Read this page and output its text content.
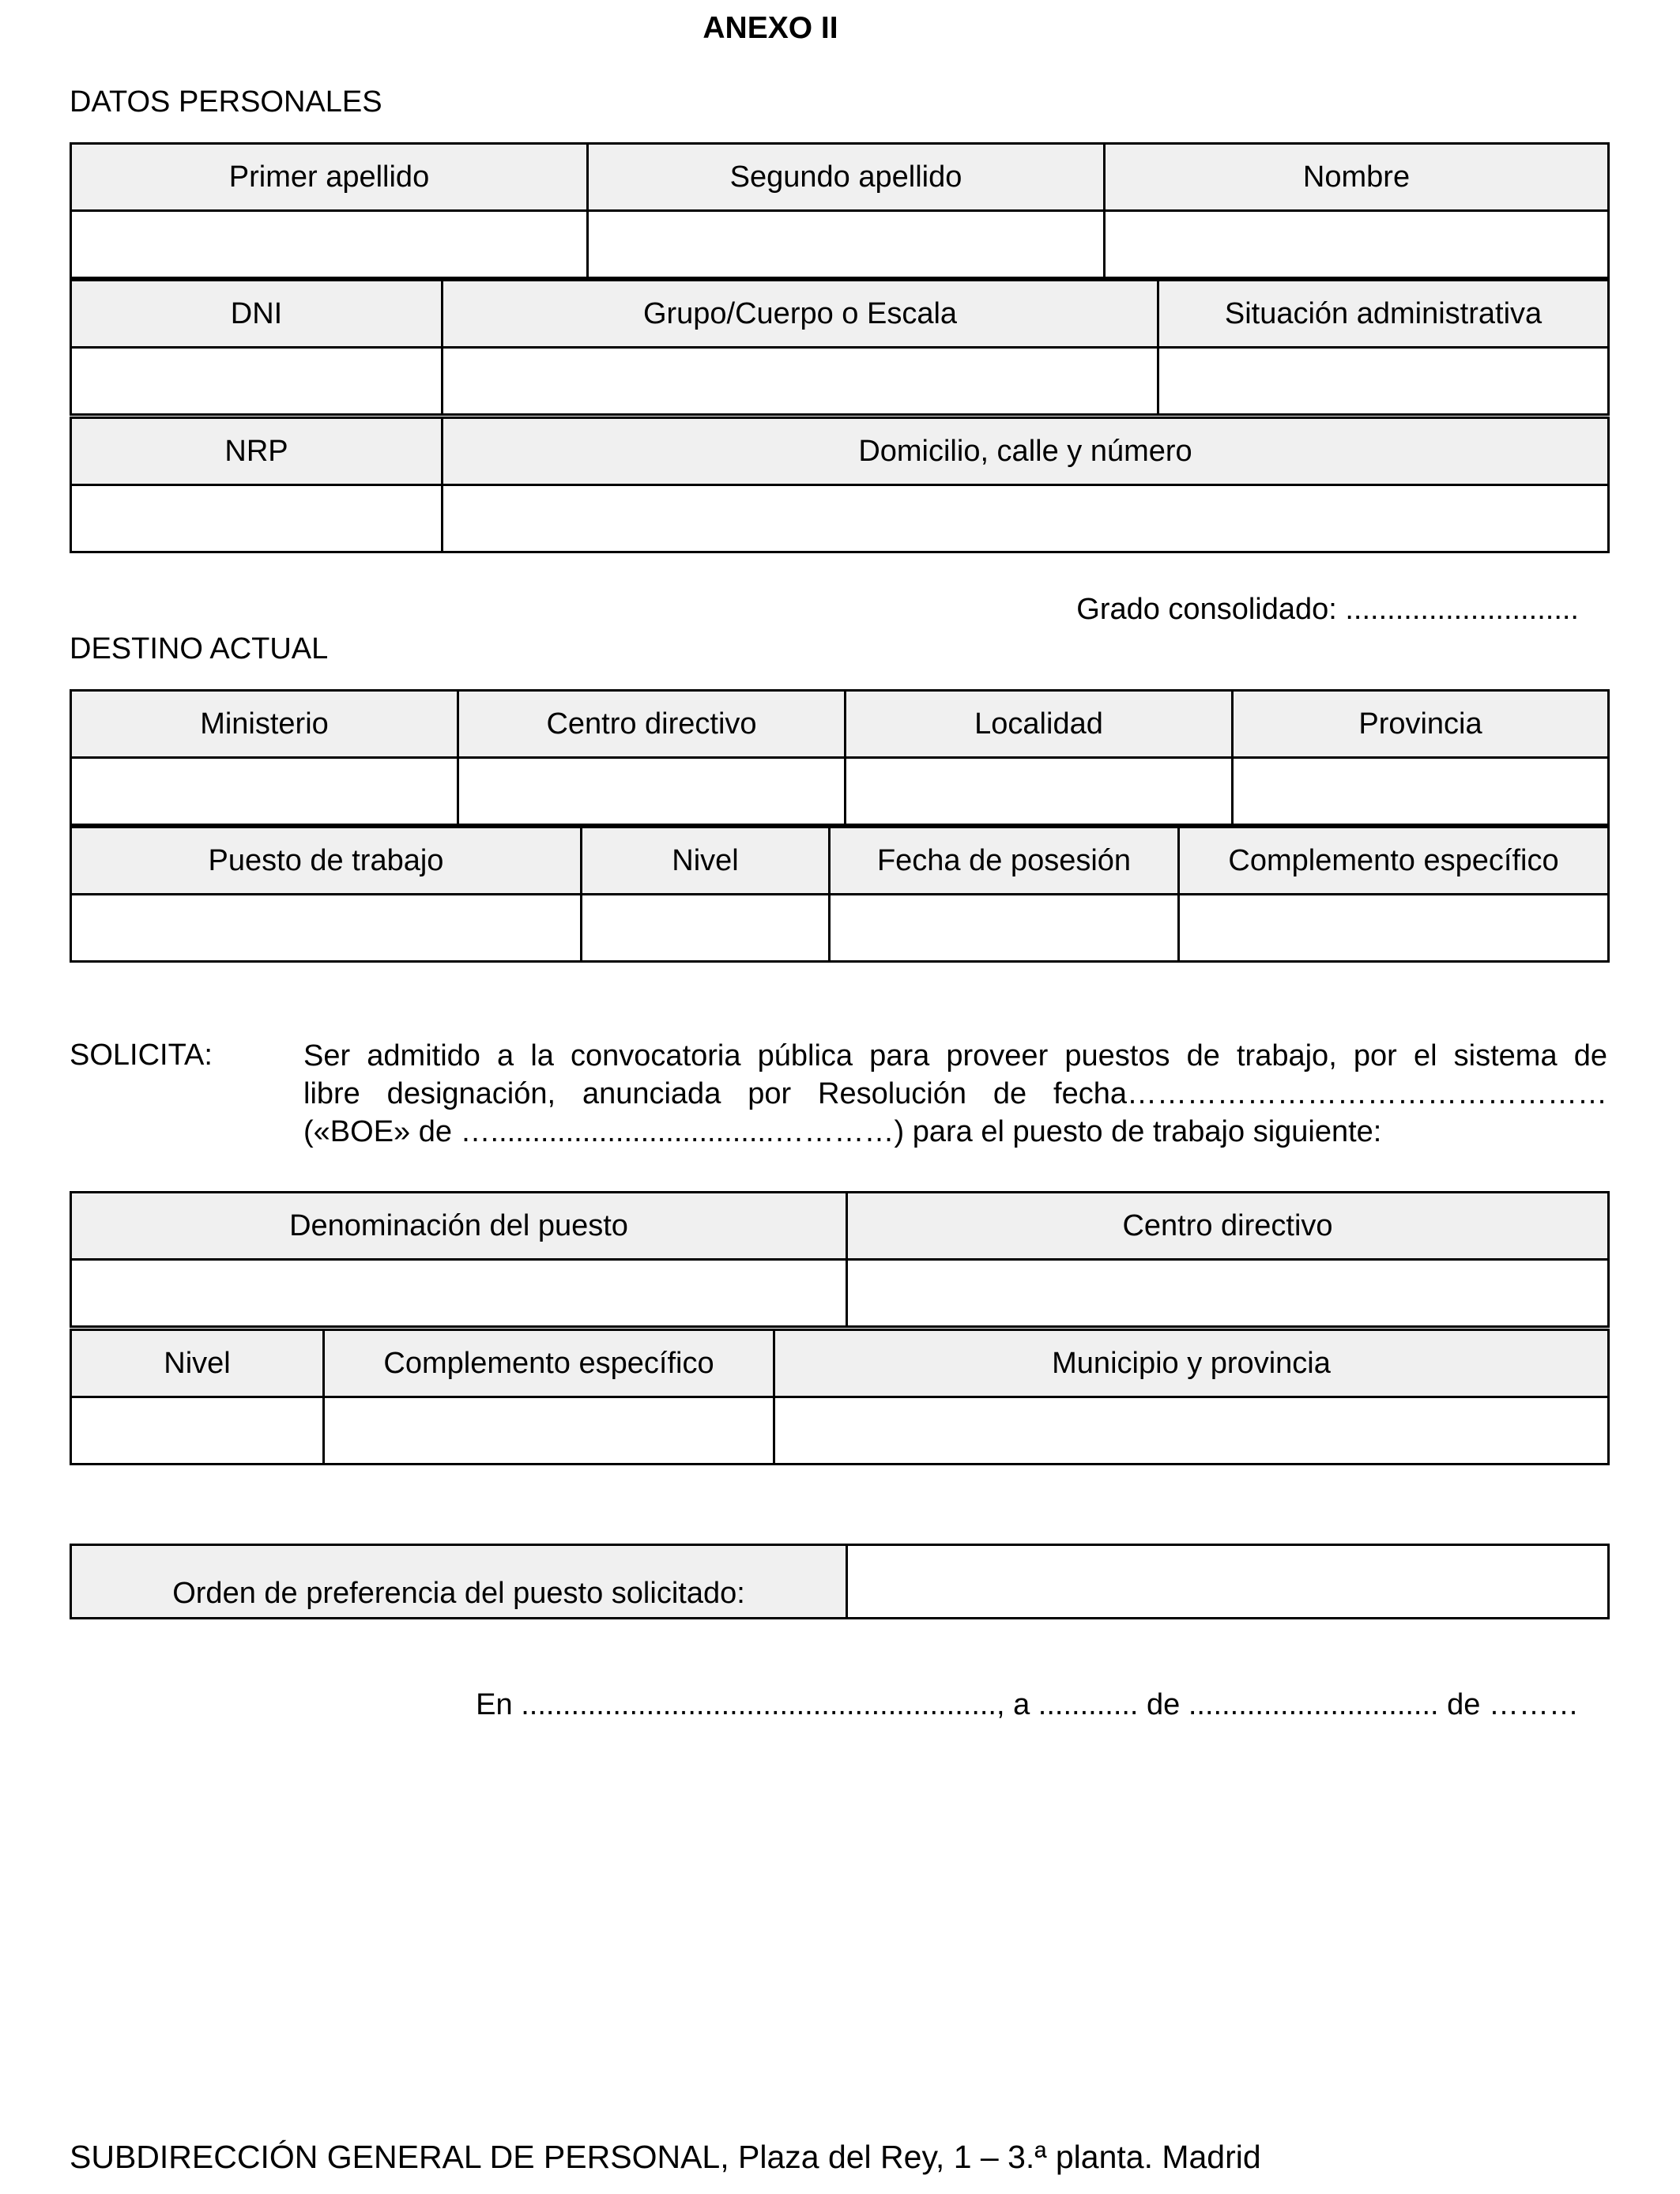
ANEXO II
DATOS PERSONALES
Primer apellido	Segundo apellido	Nombre

DNI	Grupo/Cuerpo o Escala	Situación administrativa

NRP	Domicilio, calle y número

Grado consolidado: ............................
DESTINO ACTUAL
Ministerio	Centro directivo	Localidad	Provincia

Puesto de trabajo	Nivel	Fecha de posesión	Complemento específico

SOLICITA:	Ser admitido a la convocatoria pública para proveer puestos de trabajo, por el sistema de
libre designación, anunciada por Resolución de fecha…………………………………………
(«BOE» de …..................................…………) para el puesto de trabajo siguiente:
Denominación del puesto	Centro directivo

Nivel	Complemento específico	Municipio y provincia

Orden de preferencia del puesto solicitado:	
En ........................................................., a ............ de .............................. de ………
SUBDIRECCIÓN GENERAL DE PERSONAL, Plaza del Rey, 1 – 3.ª planta. Madrid
